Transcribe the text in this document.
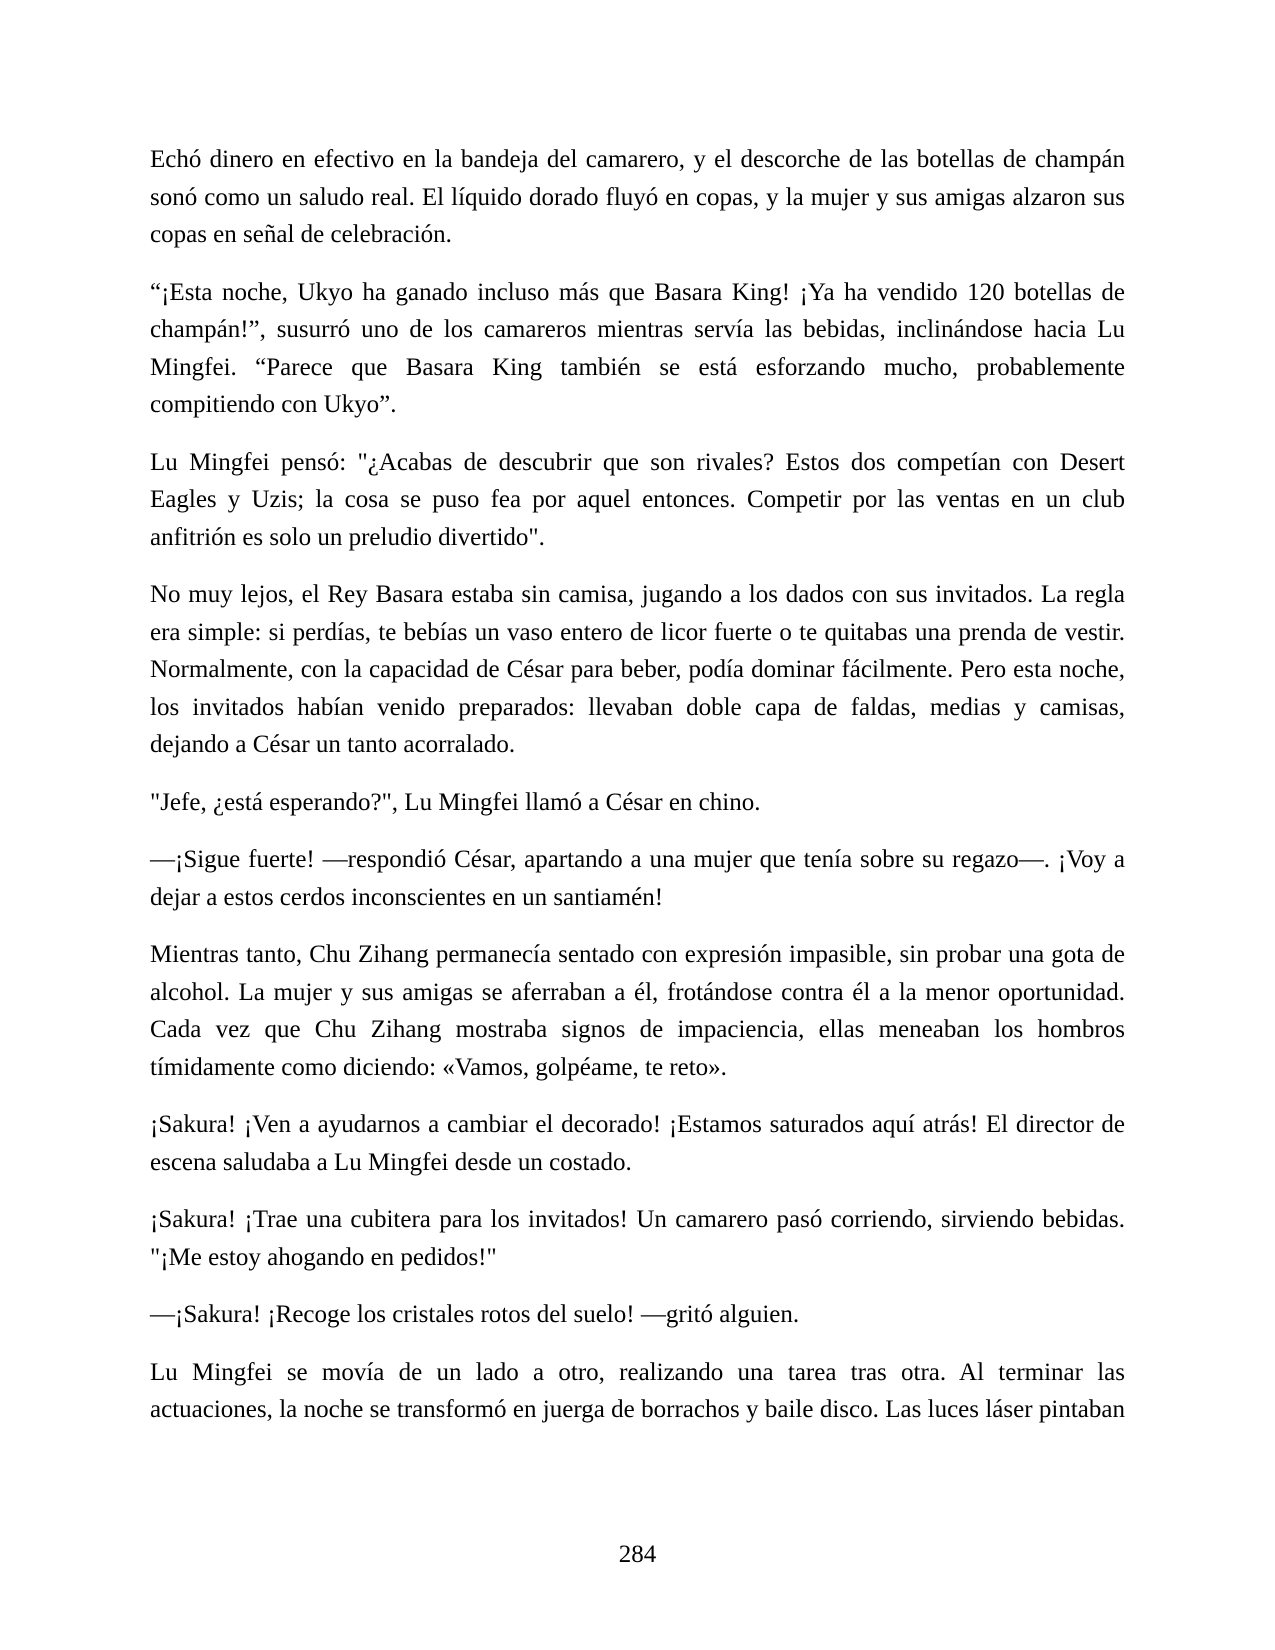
Echó dinero en efectivo en la bandeja del camarero, y el descorche de las botellas de champán
sonó como un saludo real. El líquido dorado fluyó en copas, y la mujer y sus amigas alzaron sus
copas en señal de celebración.
“¡Esta noche, Ukyo ha ganado incluso más que Basara King! ¡Ya ha vendido 120 botellas de
champán!”, susurró uno de los camareros mientras servía las bebidas, inclinándose hacia Lu
Mingfei. “Parece que Basara King también se está esforzando mucho, probablemente
compitiendo con Ukyo”.
Lu Mingfei pensó: "¿Acabas de descubrir que son rivales? Estos dos competían con Desert
Eagles y Uzis; la cosa se puso fea por aquel entonces. Competir por las ventas en un club
anfitrión es solo un preludio divertido".
No muy lejos, el Rey Basara estaba sin camisa, jugando a los dados con sus invitados. La regla
era simple: si perdías, te bebías un vaso entero de licor fuerte o te quitabas una prenda de vestir.
Normalmente, con la capacidad de César para beber, podía dominar fácilmente. Pero esta noche,
los invitados habían venido preparados: llevaban doble capa de faldas, medias y camisas,
dejando a César un tanto acorralado.
"Jefe, ¿está esperando?", Lu Mingfei llamó a César en chino.
—¡Sigue fuerte! —respondió César, apartando a una mujer que tenía sobre su regazo—. ¡Voy a
dejar a estos cerdos inconscientes en un santiamén!
Mientras tanto, Chu Zihang permanecía sentado con expresión impasible, sin probar una gota de
alcohol. La mujer y sus amigas se aferraban a él, frotándose contra él a la menor oportunidad.
Cada vez que Chu Zihang mostraba signos de impaciencia, ellas meneaban los hombros
tímidamente como diciendo: «Vamos, golpéame, te reto».
¡Sakura! ¡Ven a ayudarnos a cambiar el decorado! ¡Estamos saturados aquí atrás! El director de
escena saludaba a Lu Mingfei desde un costado.
¡Sakura! ¡Trae una cubitera para los invitados! Un camarero pasó corriendo, sirviendo bebidas.
"¡Me estoy ahogando en pedidos!"
—¡Sakura! ¡Recoge los cristales rotos del suelo! —gritó alguien.
Lu Mingfei se movía de un lado a otro, realizando una tarea tras otra. Al terminar las
actuaciones, la noche se transformó en juerga de borrachos y baile disco. Las luces láser pintaban
284
